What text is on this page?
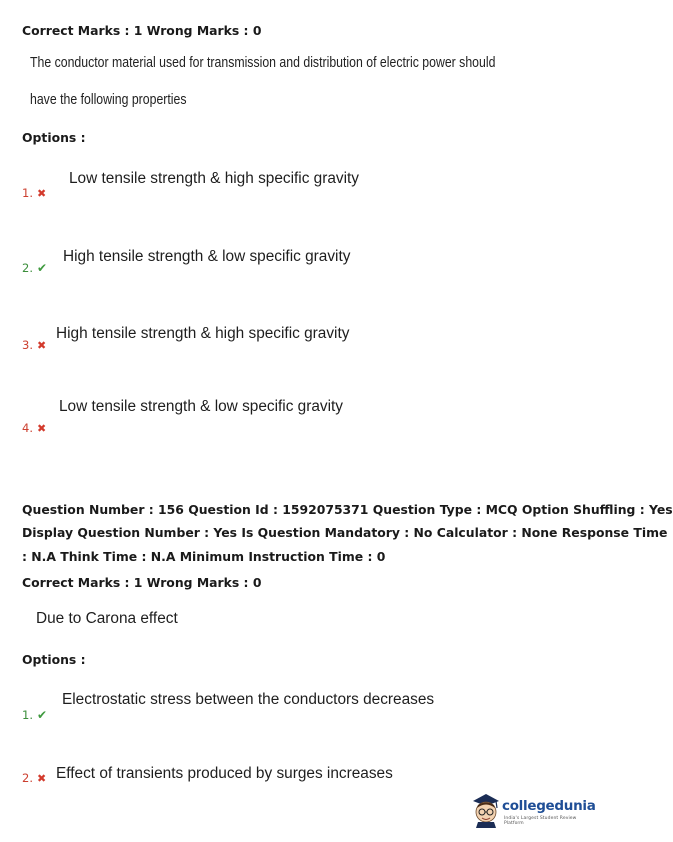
Correct Marks : 1 Wrong Marks : 0
The conductor material used for transmission and distribution of electric power should
have the following properties
Options :
Low tensile strength & high specific gravity
1. ✖
High tensile strength & low specific gravity
2. ✔
High tensile strength & high specific gravity
3. ✖
Low tensile strength & low specific gravity
4. ✖
Question Number : 156 Question Id : 1592075371 Question Type : MCQ Option Shuffling : Yes
Display Question Number : Yes Is Question Mandatory : No Calculator : None Response Time
: N.A Think Time : N.A Minimum Instruction Time : 0
Correct Marks : 1 Wrong Marks : 0
Due to Carona effect
Options :
Electrostatic stress between the conductors decreases
1. ✔
Effect of transients produced by surges increases
2. ✖
collegedunia
India's Largest Student Review Platform
